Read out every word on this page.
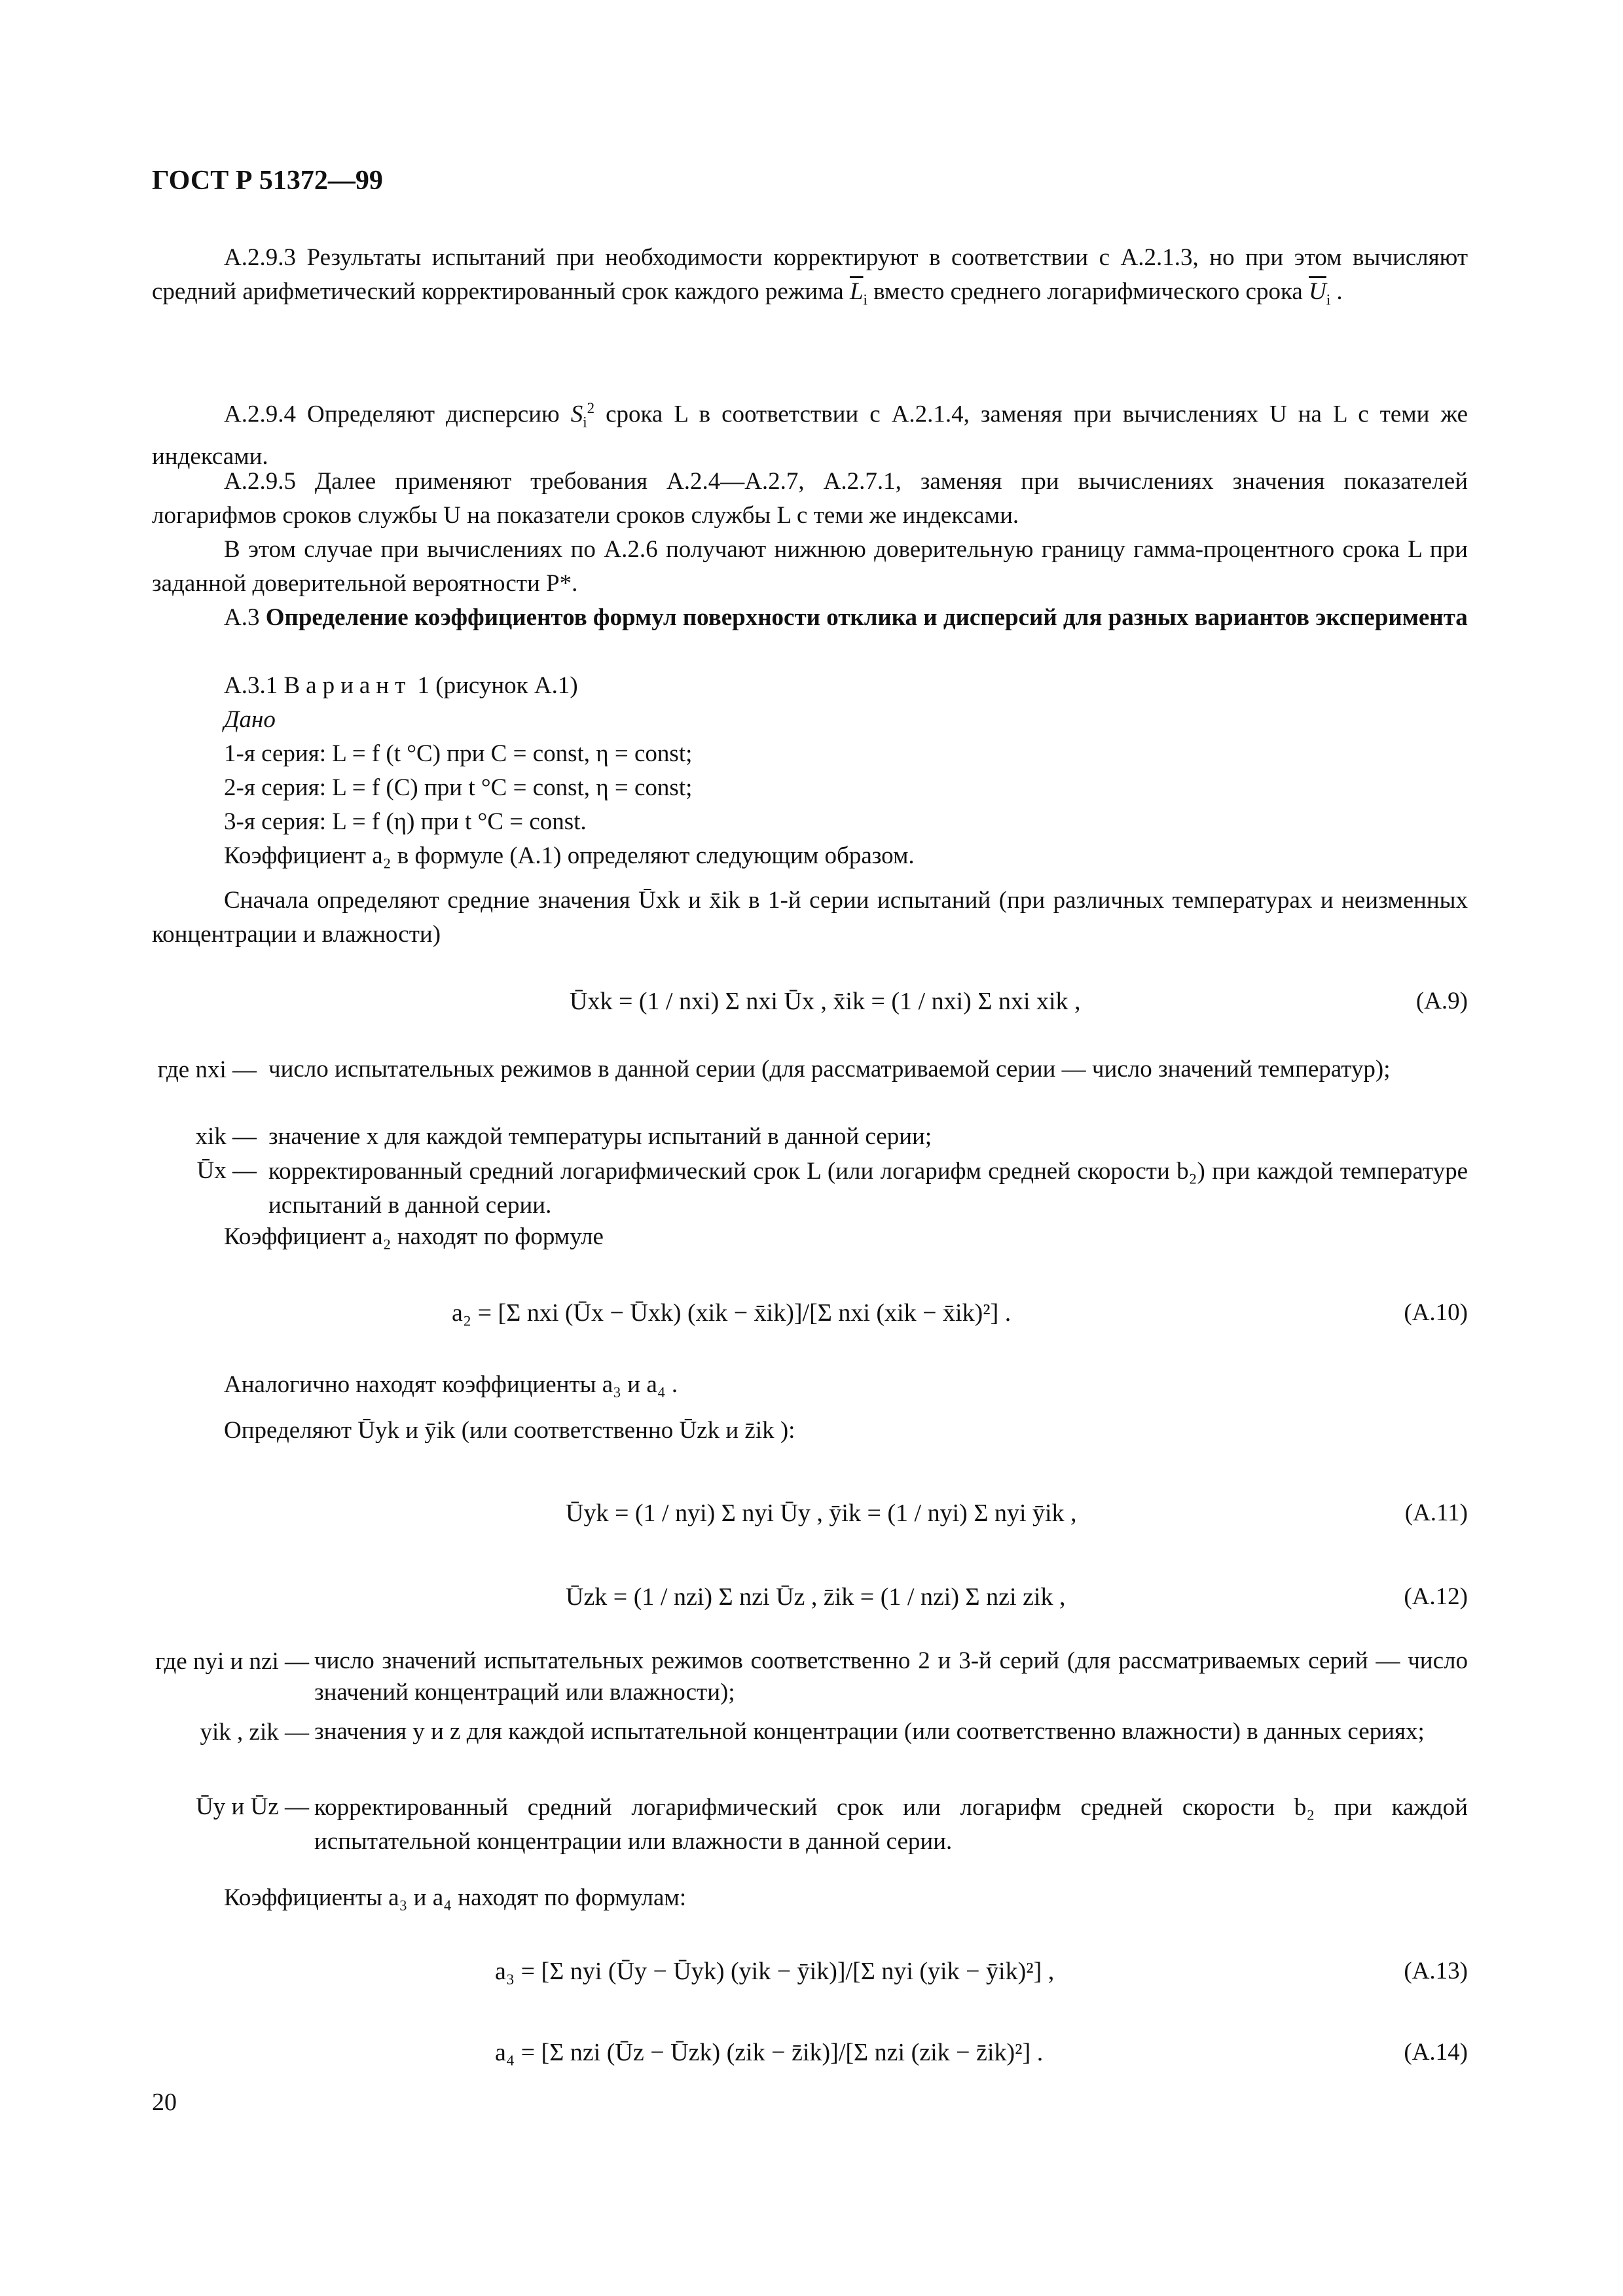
ГОСТ Р 51372—99
А.2.9.3 Результаты испытаний при необходимости корректируют в соответствии с А.2.1.3, но при этом вычисляют средний арифметический корректированный срок каждого режима $\overline{L}_i$ вместо среднего логарифмического срока $\overline{U}_i$ .
А.2.9.4 Определяют дисперсию $S_i^2$ срока L в соответствии с А.2.1.4, заменяя при вычислениях U на L с теми же индексами.
А.2.9.5 Далее применяют требования А.2.4—А.2.7, А.2.7.1, заменяя при вычислениях значения показателей логарифмов сроков службы U на показатели сроков службы L с теми же индексами.
В этом случае при вычислениях по А.2.6 получают нижнюю доверительную границу гамма-процентного срока L при заданной доверительной вероятности P*.
А.3 Определение коэффициентов формул поверхности отклика и дисперсий для разных вариантов эксперимента
А.3.1 Вариант 1 (рисунок А.1)
Дано
1-я серия: L = f (t °C) при C = const, η = const;
2-я серия: L = f (C) при t °C = const, η = const;
3-я серия: L = f (η) при t °C = const.
Коэффициент a₂ в формуле (А.1) определяют следующим образом.
Сначала определяют средние значения Ūxk и x̄ik в 1-й серии испытаний (при различных температурах и неизменных концентрации и влажности)
Ūxk = (1 / nxi) Σ nxi Ūx , x̄ik = (1 / nxi) Σ nxi xik ,	(А.9)
где nxi — число испытательных режимов в данной серии (для рассматриваемой серии — число значений температур);
xik — значение x для каждой температуры испытаний в данной серии;
Ūx — корректированный средний логарифмический срок L (или логарифм средней скорости b₂) при каждой температуре испытаний в данной серии.
Коэффициент a₂ находят по формуле
a₂ = [Σ nxi (Ūx − Ūxk) (xik − x̄ik)]/[Σ nxi (xik − x̄ik)²] .	(А.10)
Аналогично находят коэффициенты a₃ и a₄ .
Определяют Ūyk и ȳik (или соответственно Ūzk и z̄ik ):
Ūyk = (1 / nyi) Σ nyi Ūy , ȳik = (1 / nyi) Σ nyi ȳik ,	(А.11)
Ūzk = (1 / nzi) Σ nzi Ūz , z̄ik = (1 / nzi) Σ nzi zik ,	(А.12)
где nyi и nzi — число значений испытательных режимов соответственно 2 и 3-й серий (для рассматриваемых серий — число значений концентраций или влажности);
yik , zik — значения y и z для каждой испытательной концентрации (или соответственно влажности) в данных сериях;
Ūy и Ūz — корректированный средний логарифмический срок или логарифм средней скорости b₂ при каждой испытательной концентрации или влажности в данной серии.
Коэффициенты a₃ и a₄ находят по формулам:
a₃ = [Σ nyi (Ūy − Ūyk) (yik − ȳik)]/[Σ nyi (yik − ȳik)²] ,	(А.13)
a₄ = [Σ nzi (Ūz − Ūzk) (zik − z̄ik)]/[Σ nzi (zik − z̄ik)²] .	(А.14)
20
